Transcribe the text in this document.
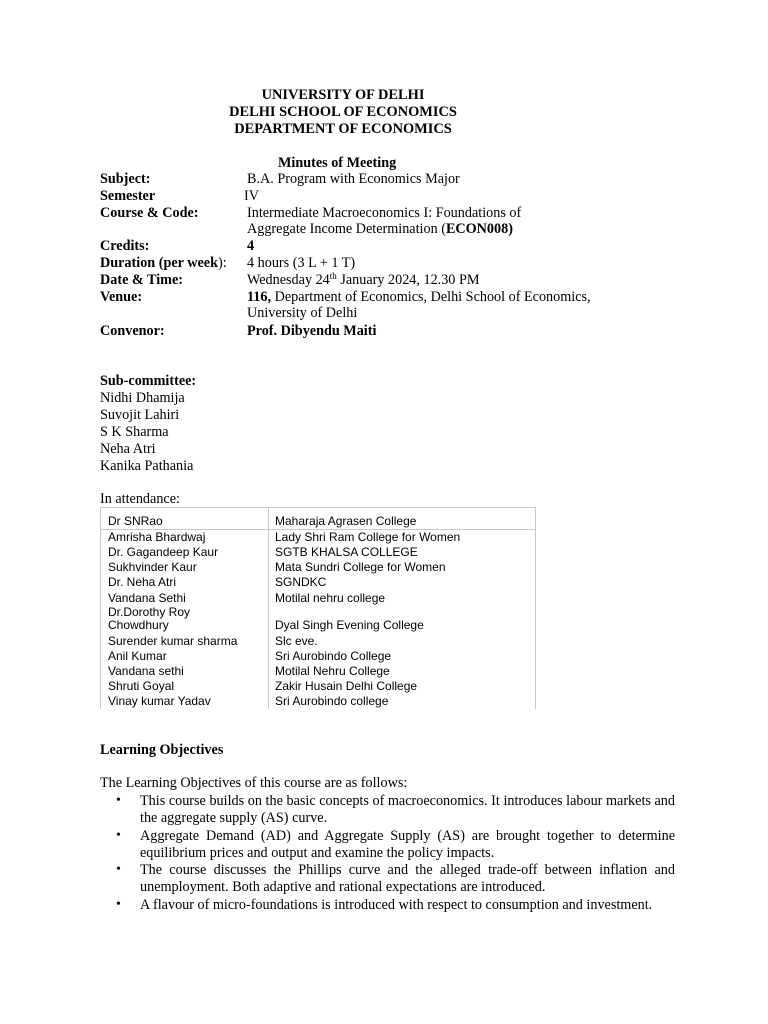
UNIVERSITY OF DELHI
DELHI SCHOOL OF ECONOMICS
DEPARTMENT OF ECONOMICS
Minutes of Meeting
Subject:	B.A. Program with Economics Major
Semester	IV
Course & Code:	Intermediate Macroeconomics I: Foundations of
Aggregate Income Determination (ECON008)
Credits:	4
Duration (per week): 4 hours (3 L + 1 T)
Date & Time:	Wednesday 24th January 2024, 12.30 PM
Venue:	116, Department of Economics, Delhi School of Economics,
University of Delhi
Convenor:	Prof. Dibyendu Maiti
Sub-committee:
Nidhi Dhamija
Suvojit Lahiri
S K Sharma
Neha Atri
Kanika Pathania
In attendance:
Dr SNRao	Maharaja Agrasen College
Amrisha Bhardwaj	Lady Shri Ram College for Women
Dr. Gagandeep Kaur	SGTB KHALSA COLLEGE
Sukhvinder Kaur	Mata Sundri College for Women
Dr. Neha Atri	SGNDKC
Vandana Sethi	Motilal nehru college
Dr.Dorothy Roy
Chowdhury	Dyal Singh Evening College
Surender kumar sharma	Slc eve.
Anil Kumar	Sri Aurobindo College
Vandana sethi	Motilal Nehru College
Shruti Goyal	Zakir Husain Delhi College
Vinay kumar Yadav	Sri Aurobindo college
Learning Objectives
The Learning Objectives of this course are as follows:
• This course builds on the basic concepts of macroeconomics. It introduces labour markets and the aggregate supply (AS) curve.
• Aggregate Demand (AD) and Aggregate Supply (AS) are brought together to determine equilibrium prices and output and examine the policy impacts.
• The course discusses the Phillips curve and the alleged trade-off between inflation and unemployment. Both adaptive and rational expectations are introduced.
• A flavour of micro-foundations is introduced with respect to consumption and investment.
